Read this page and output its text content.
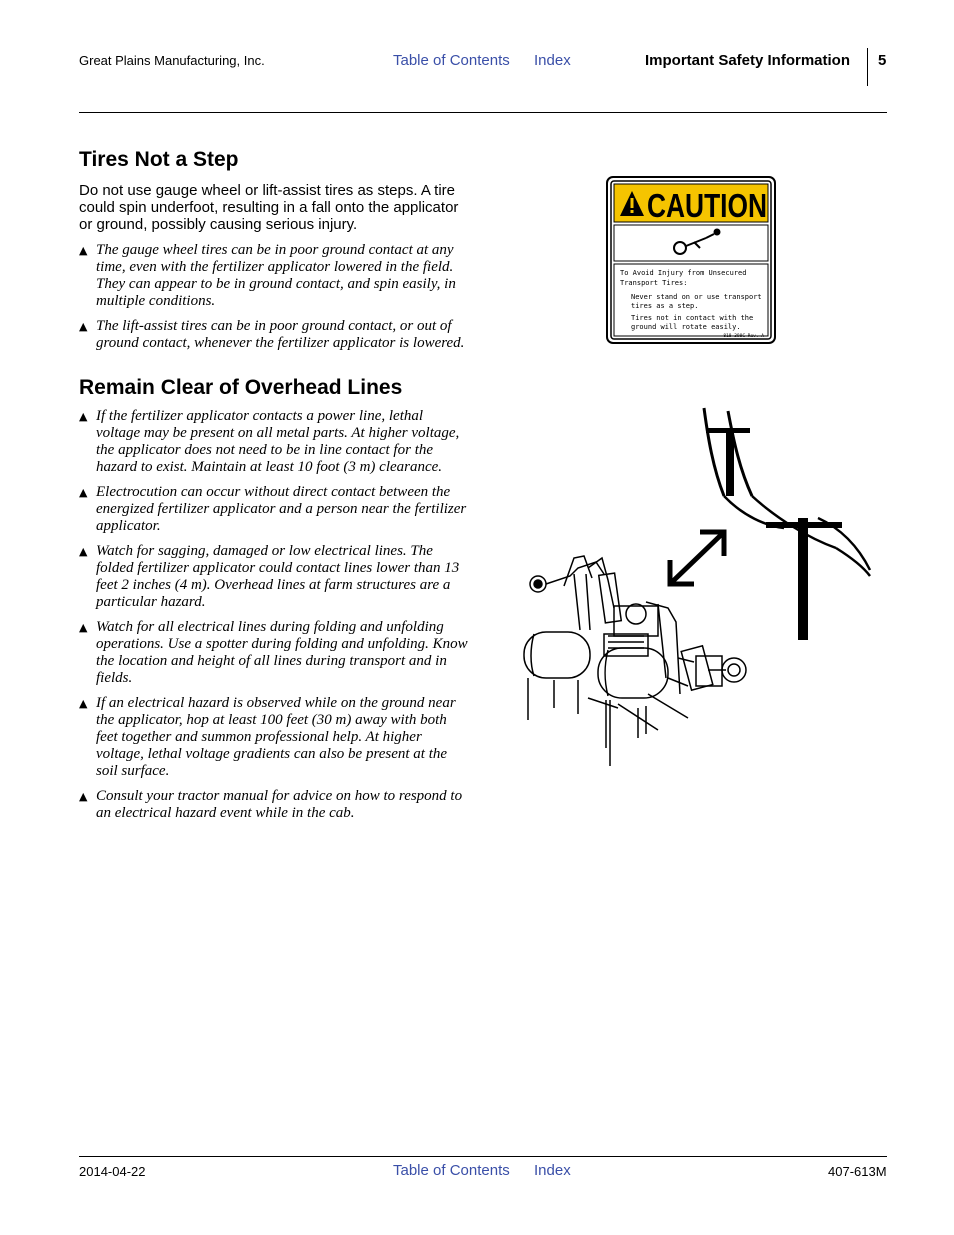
Great Plains Manufacturing, Inc.	Table of Contents Index	Important Safety Information 5
Tires Not a Step

Do not use gauge wheel or lift-assist tires as steps. A tire could spin underfoot, resulting in a fall onto the applicator or ground, possibly causing serious injury.

▲ The gauge wheel tires can be in poor ground contact at any time, even with the fertilizer applicator lowered in the field. They can appear to be in ground contact, and spin easily, in multiple conditions.
▲ The lift-assist tires can be in poor ground contact, or out of ground contact, whenever the fertilizer applicator is lowered.
Remain Clear of Overhead Lines
▲ If the fertilizer applicator contacts a power line, lethal voltage may be present on all metal parts. At higher voltage, the applicator does not need to be in line contact for the hazard to exist. Maintain at least 10 foot (3 m) clearance.
▲ Electrocution can occur without direct contact between the energized fertilizer applicator and a person near the fertilizer applicator.
▲ Watch for sagging, damaged or low electrical lines. The folded fertilizer applicator could contact lines lower than 13 feet 2 inches (4 m). Overhead lines at farm structures are a particular hazard.
▲ Watch for all electrical lines during folding and unfolding operations. Use a spotter during folding and unfolding. Know the location and height of all lines during transport and in fields.
▲ If an electrical hazard is observed while on the ground near the applicator, hop at least 100 feet (30 m) away with both feet together and summon professional help. At higher voltage, lethal voltage gradients can also be present at the soil surface.
▲ Consult your tractor manual for advice on how to respond to an electrical hazard event while in the cab.
CAUTION
To Avoid Injury from Unsecured
Transport Tires:
Never stand on or use transport
tires as a step.
Tires not in contact with the
ground will rotate easily.
818-398C Rev. A
2014-04-22	Table of Contents Index	407-613M
